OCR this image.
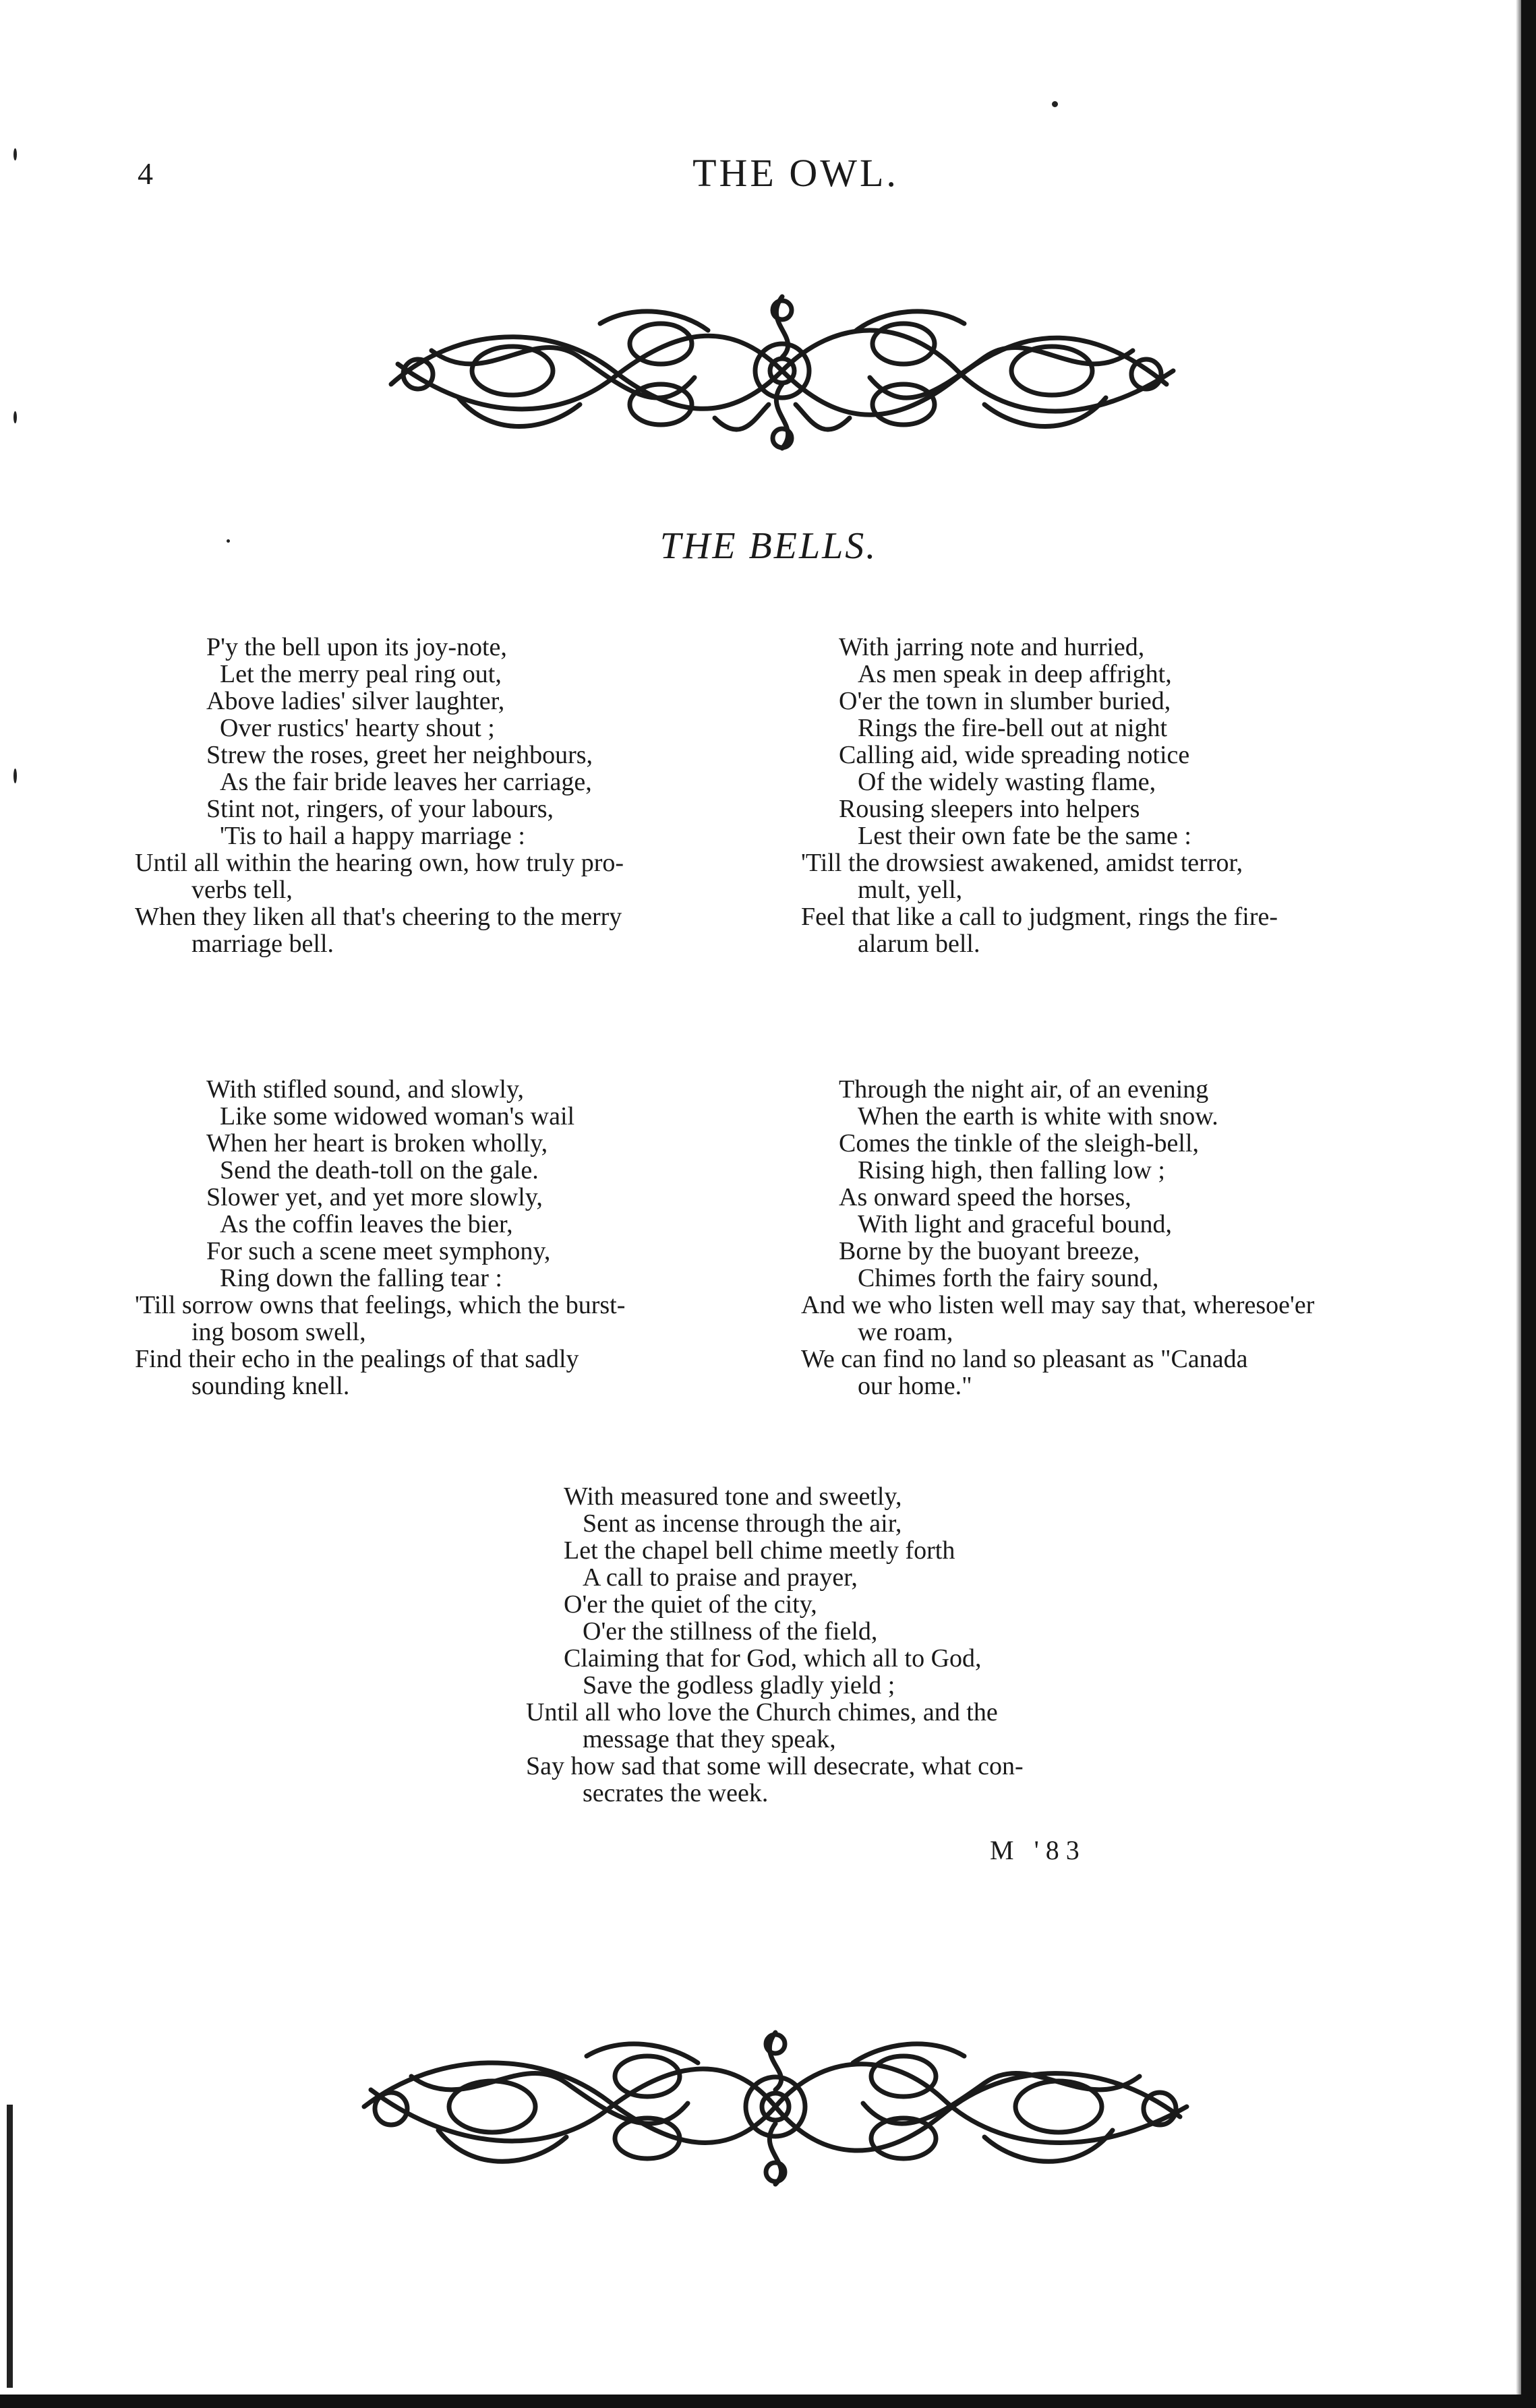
4	THE OWL.
THE BELLS.
P'y the bell upon its joy-note,
Let the merry peal ring out,
Above ladies' silver laughter,
Over rustics' hearty shout ;
Strew the roses, greet her neighbours,
As the fair bride leaves her carriage,
Stint not, ringers, of your labours,
'Tis to hail a happy marriage :
Until all within the hearing own, how truly pro-
verbs tell,
When they liken all that's cheering to the merry
marriage bell.
With jarring note and hurried,
As men speak in deep affright,
O'er the town in slumber buried,
Rings the fire-bell out at night
Calling aid, wide spreading notice
Of the widely wasting flame,
Rousing sleepers into helpers
Lest their own fate be the same :
'Till the drowsiest awakened, amidst terror,
mult, yell,
Feel that like a call to judgment, rings the fire-
alarum bell.
With stifled sound, and slowly,
Like some widowed woman's wail
When her heart is broken wholly,
Send the death-toll on the gale.
Slower yet, and yet more slowly,
As the coffin leaves the bier,
For such a scene meet symphony,
Ring down the falling tear :
'Till sorrow owns that feelings, which the burst-
ing bosom swell,
Find their echo in the pealings of that sadly
sounding knell.
Through the night air, of an evening
When the earth is white with snow.
Comes the tinkle of the sleigh-bell,
Rising high, then falling low ;
As onward speed the horses,
With light and graceful bound,
Borne by the buoyant breeze,
Chimes forth the fairy sound,
And we who listen well may say that, wheresoe'er
we roam,
We can find no land so pleasant as "Canada
our home."
With measured tone and sweetly,
Sent as incense through the air,
Let the chapel bell chime meetly forth
A call to praise and prayer,
O'er the quiet of the city,
O'er the stillness of the field,
Claiming that for God, which all to God,
Save the godless gladly yield ;
Until all who love the Church chimes, and the
message that they speak,
Say how sad that some will desecrate, what con-
secrates the week.
M '83
